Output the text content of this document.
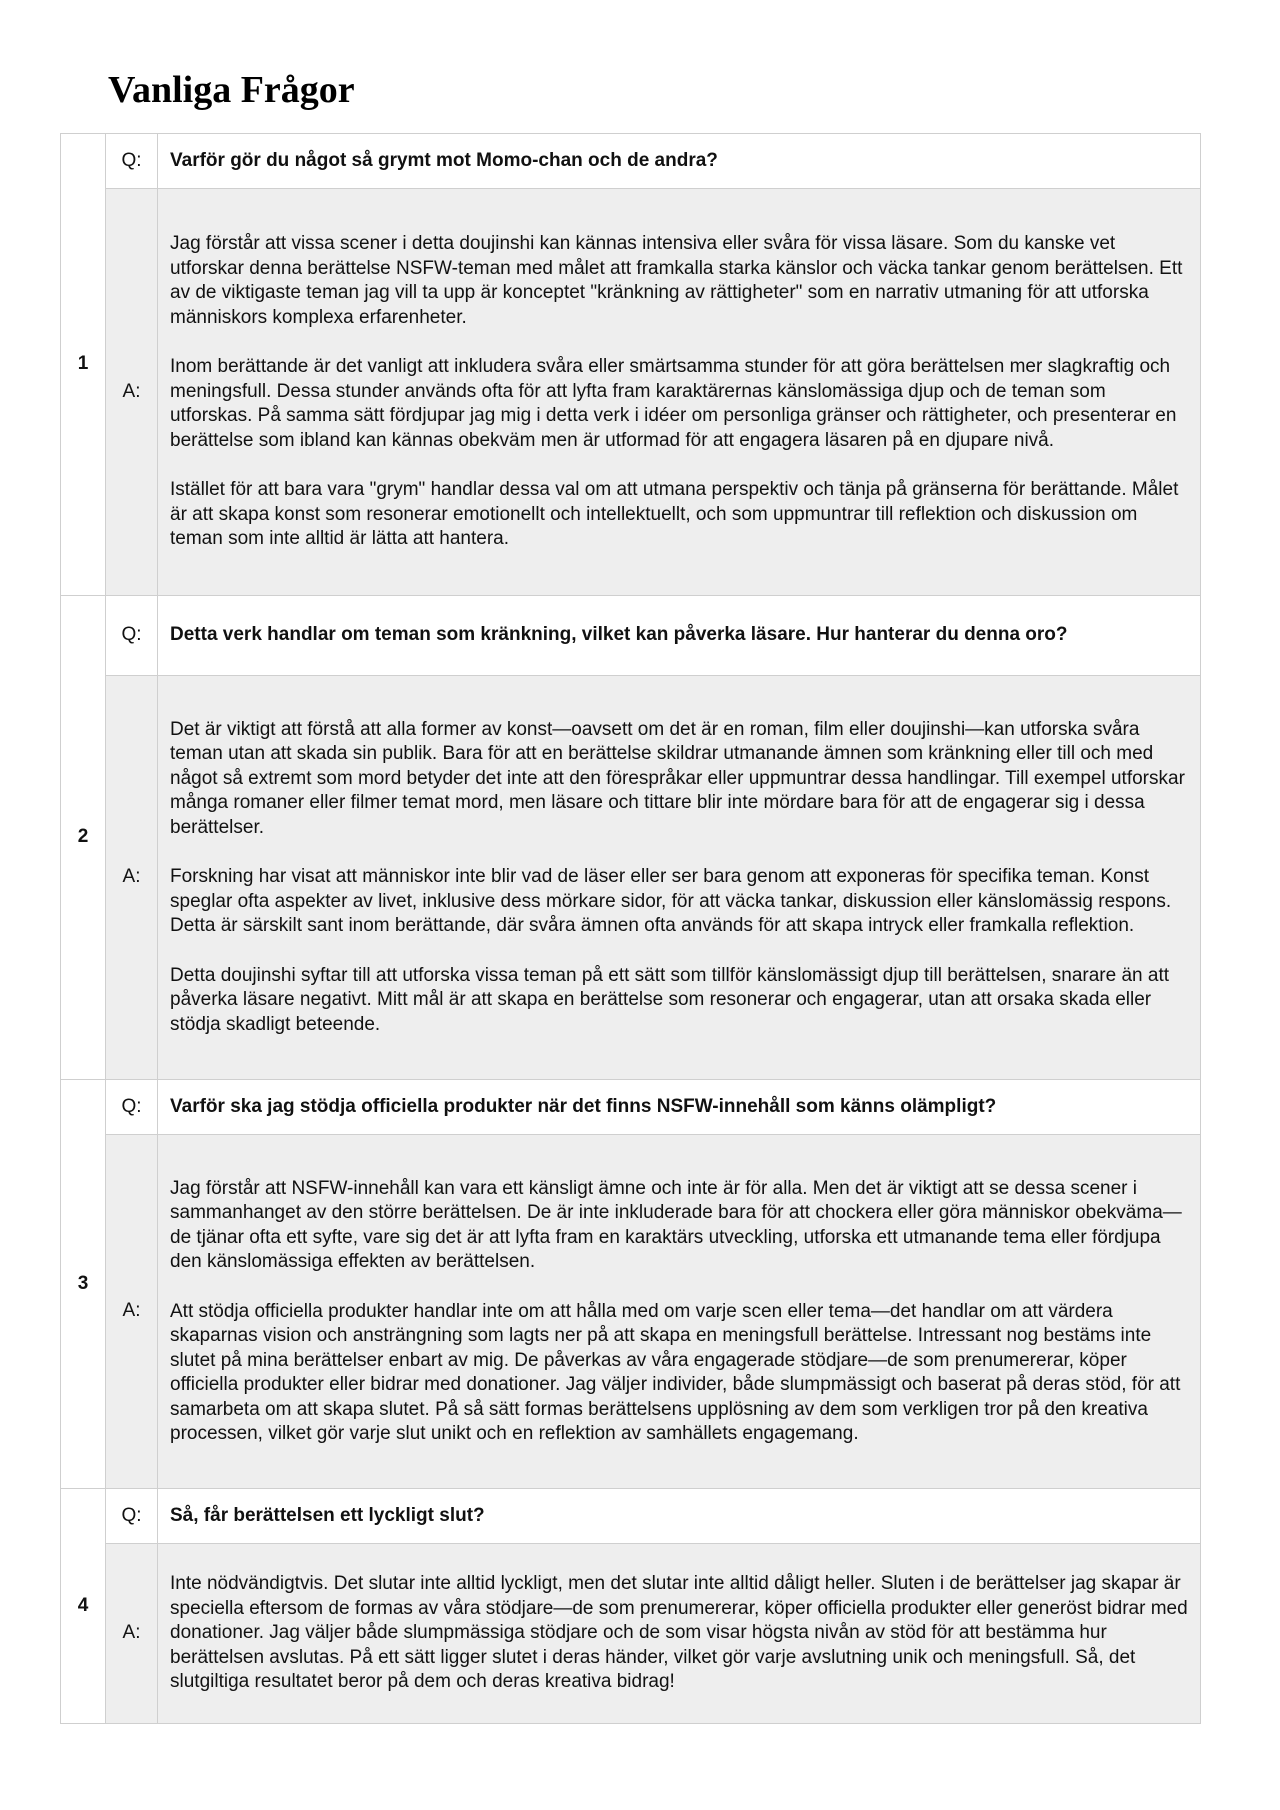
Vanliga Frågor
1	Q:	Varför gör du något så grymt mot Momo-chan och de andra?
	A:	Jag förstår att vissa scener i detta doujinshi kan kännas intensiva eller svåra för vissa läsare. Som du kanske vet utforskar denna berättelse NSFW-teman med målet att framkalla starka känslor och väcka tankar genom berättelsen. Ett av de viktigaste teman jag vill ta upp är konceptet "kränkning av rättigheter" som en narrativ utmaning för att utforska människors komplexa erfarenheter.

Inom berättande är det vanligt att inkludera svåra eller smärtsamma stunder för att göra berättelsen mer slagkraftig och meningsfull. Dessa stunder används ofta för att lyfta fram karaktärernas känslomässiga djup och de teman som utforskas. På samma sätt fördjupar jag mig i detta verk i idéer om personliga gränser och rättigheter, och presenterar en berättelse som ibland kan kännas obekväm men är utformad för att engagera läsaren på en djupare nivå.

Istället för att bara vara "grym" handlar dessa val om att utmana perspektiv och tänja på gränserna för berättande. Målet är att skapa konst som resonerar emotionellt och intellektuellt, och som uppmuntrar till reflektion och diskussion om teman som inte alltid är lätta att hantera.

2	Q:	Detta verk handlar om teman som kränkning, vilket kan påverka läsare. Hur hanterar du denna oro?
	A:	Det är viktigt att förstå att alla former av konst—oavsett om det är en roman, film eller doujinshi—kan utforska svåra teman utan att skada sin publik. Bara för att en berättelse skildrar utmanande ämnen som kränkning eller till och med något så extremt som mord betyder det inte att den förespråkar eller uppmuntrar dessa handlingar. Till exempel utforskar många romaner eller filmer temat mord, men läsare och tittare blir inte mördare bara för att de engagerar sig i dessa berättelser.

Forskning har visat att människor inte blir vad de läser eller ser bara genom att exponeras för specifika teman. Konst speglar ofta aspekter av livet, inklusive dess mörkare sidor, för att väcka tankar, diskussion eller känslomässig respons. Detta är särskilt sant inom berättande, där svåra ämnen ofta används för att skapa intryck eller framkalla reflektion.

Detta doujinshi syftar till att utforska vissa teman på ett sätt som tillför känslomässigt djup till berättelsen, snarare än att påverka läsare negativt. Mitt mål är att skapa en berättelse som resonerar och engagerar, utan att orsaka skada eller stödja skadligt beteende.

3	Q:	Varför ska jag stödja officiella produkter när det finns NSFW-innehåll som känns olämpligt?
	A:	Jag förstår att NSFW-innehåll kan vara ett känsligt ämne och inte är för alla. Men det är viktigt att se dessa scener i sammanhanget av den större berättelsen. De är inte inkluderade bara för att chockera eller göra människor obekväma—de tjänar ofta ett syfte, vare sig det är att lyfta fram en karaktärs utveckling, utforska ett utmanande tema eller fördjupa den känslomässiga effekten av berättelsen.

Att stödja officiella produkter handlar inte om att hålla med om varje scen eller tema—det handlar om att värdera skaparnas vision och ansträngning som lagts ner på att skapa en meningsfull berättelse. Intressant nog bestäms inte slutet på mina berättelser enbart av mig. De påverkas av våra engagerade stödjare—de som prenumererar, köper officiella produkter eller bidrar med donationer. Jag väljer individer, både slumpmässigt och baserat på deras stöd, för att samarbeta om att skapa slutet. På så sätt formas berättelsens upplösning av dem som verkligen tror på den kreativa processen, vilket gör varje slut unikt och en reflektion av samhällets engagemang.

4	Q:	Så, får berättelsen ett lyckligt slut?
	A:	Inte nödvändigtvis. Det slutar inte alltid lyckligt, men det slutar inte alltid dåligt heller. Sluten i de berättelser jag skapar är speciella eftersom de formas av våra stödjare—de som prenumererar, köper officiella produkter eller generöst bidrar med donationer. Jag väljer både slumpmässiga stödjare och de som visar högsta nivån av stöd för att bestämma hur berättelsen avslutas. På ett sätt ligger slutet i deras händer, vilket gör varje avslutning unik och meningsfull. Så, det slutgiltiga resultatet beror på dem och deras kreativa bidrag!
